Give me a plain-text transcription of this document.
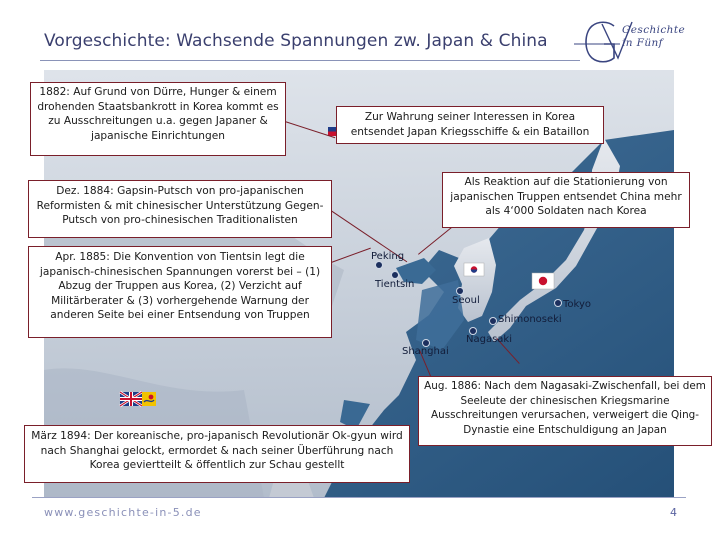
Vorgeschichte: Wachsende Spannungen zw. Japan & China
Geschichte
in Fünf
Peking
Tientsin
Seoul	Tokyo
Shimonoseki
Nagasaki
Shanghai
1882: Auf Grund von Dürre, Hunger & einem drohenden Staatsbankrott in Korea kommt es zu Ausschreitungen u.a. gegen Japaner & japanische Einrichtungen
Zur Wahrung seiner Interessen in Korea entsendet Japan Kriegsschiffe & ein Bataillon
Dez. 1884: Gapsin-Putsch von pro-japanischen Reformisten & mit chinesischer Unterstützung Gegen-Putsch von pro-chinesischen Traditionalisten
Als Reaktion auf die Stationierung von japanischen Truppen entsendet China mehr als 4‘000 Soldaten nach Korea
Apr. 1885: Die Konvention von Tientsin legt die japanisch-chinesischen Spannungen vorerst bei – (1) Abzug der Truppen aus Korea, (2) Verzicht auf Militärberater & (3) vorhergehende Warnung der anderen Seite bei einer Entsendung von Truppen
Aug. 1886: Nach dem Nagasaki-Zwischenfall, bei dem Seeleute der chinesischen Kriegsmarine Ausschreitungen verursachen, verweigert die Qing-Dynastie eine Entschuldigung an Japan
März 1894: Der koreanische, pro-japanisch Revolutionär Ok-gyun wird nach Shanghai gelockt, ermordet & nach seiner Überführung nach Korea geviertteilt & öffentlich zur Schau gestellt
www.geschichte-in-5.de	4
